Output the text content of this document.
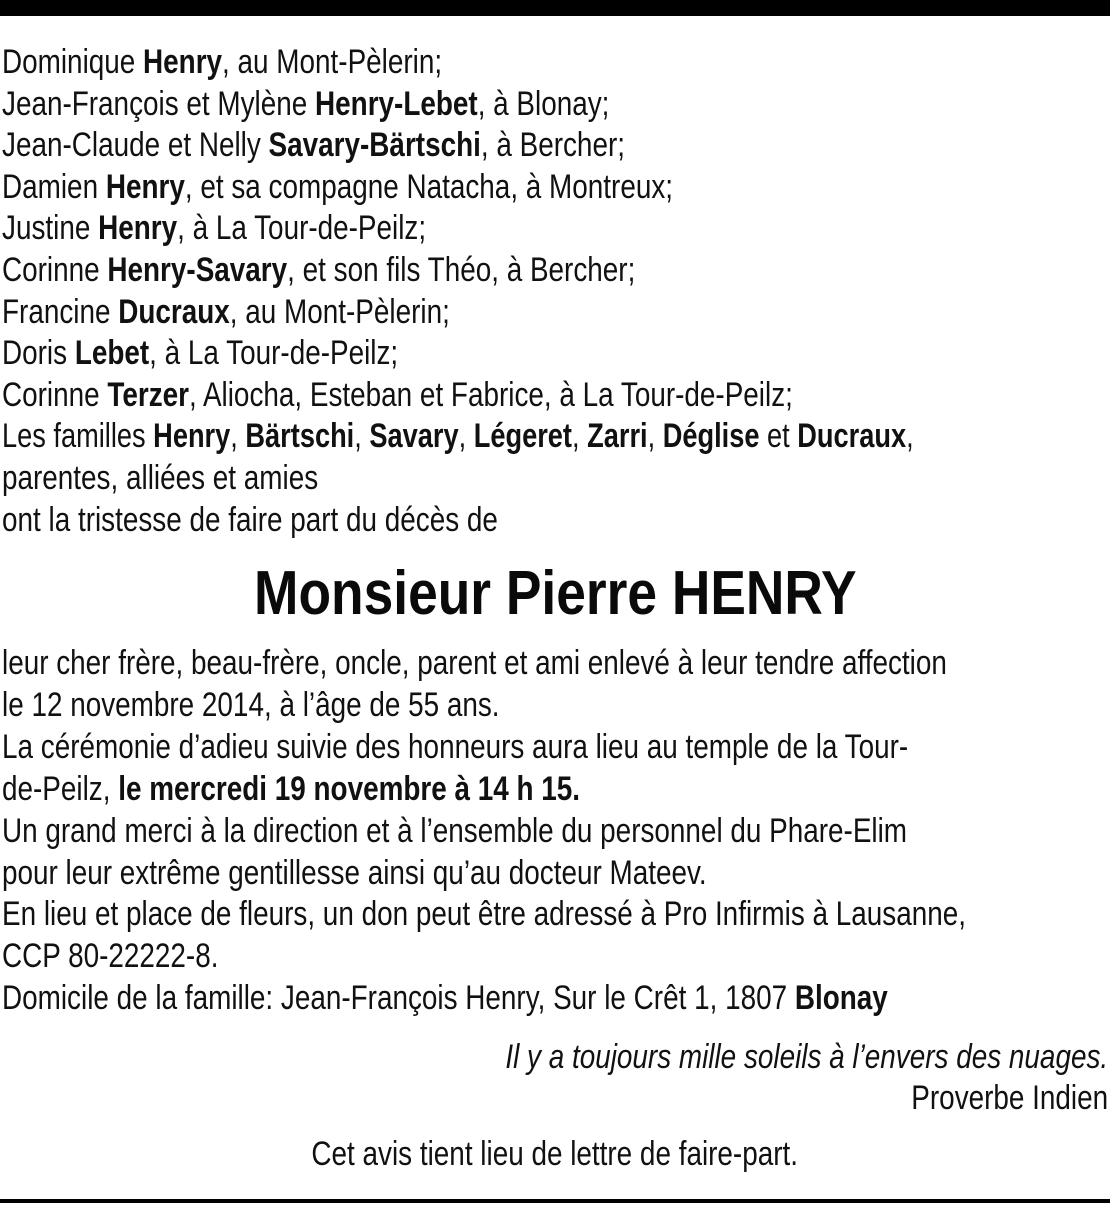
Dominique Henry, au Mont-Pèlerin;
Jean-François et Mylène Henry-Lebet, à Blonay;
Jean-Claude et Nelly Savary-Bärtschi, à Bercher;
Damien Henry, et sa compagne Natacha, à Montreux;
Justine Henry, à La Tour-de-Peilz;
Corinne Henry-Savary, et son fils Théo, à Bercher;
Francine Ducraux, au Mont-Pèlerin;
Doris Lebet, à La Tour-de-Peilz;
Corinne Terzer, Aliocha, Esteban et Fabrice, à La Tour-de-Peilz;
Les familles Henry, Bärtschi, Savary, Légeret, Zarri, Déglise et Ducraux,
parentes, alliées et amies
ont la tristesse de faire part du décès de
Monsieur Pierre HENRY
leur cher frère, beau-frère, oncle, parent et ami enlevé à leur tendre affection
le 12 novembre 2014, à l’âge de 55 ans.
La cérémonie d’adieu suivie des honneurs aura lieu au temple de la Tour-
de-Peilz, le mercredi 19 novembre à 14 h 15.
Un grand merci à la direction et à l’ensemble du personnel du Phare-Elim
pour leur extrême gentillesse ainsi qu’au docteur Mateev.
En lieu et place de fleurs, un don peut être adressé à Pro Infirmis à Lausanne,
CCP 80-22222-8.
Domicile de la famille: Jean-François Henry, Sur le Crêt 1, 1807 Blonay
Il y a toujours mille soleils à l’envers des nuages.
Proverbe Indien
Cet avis tient lieu de lettre de faire-part.
